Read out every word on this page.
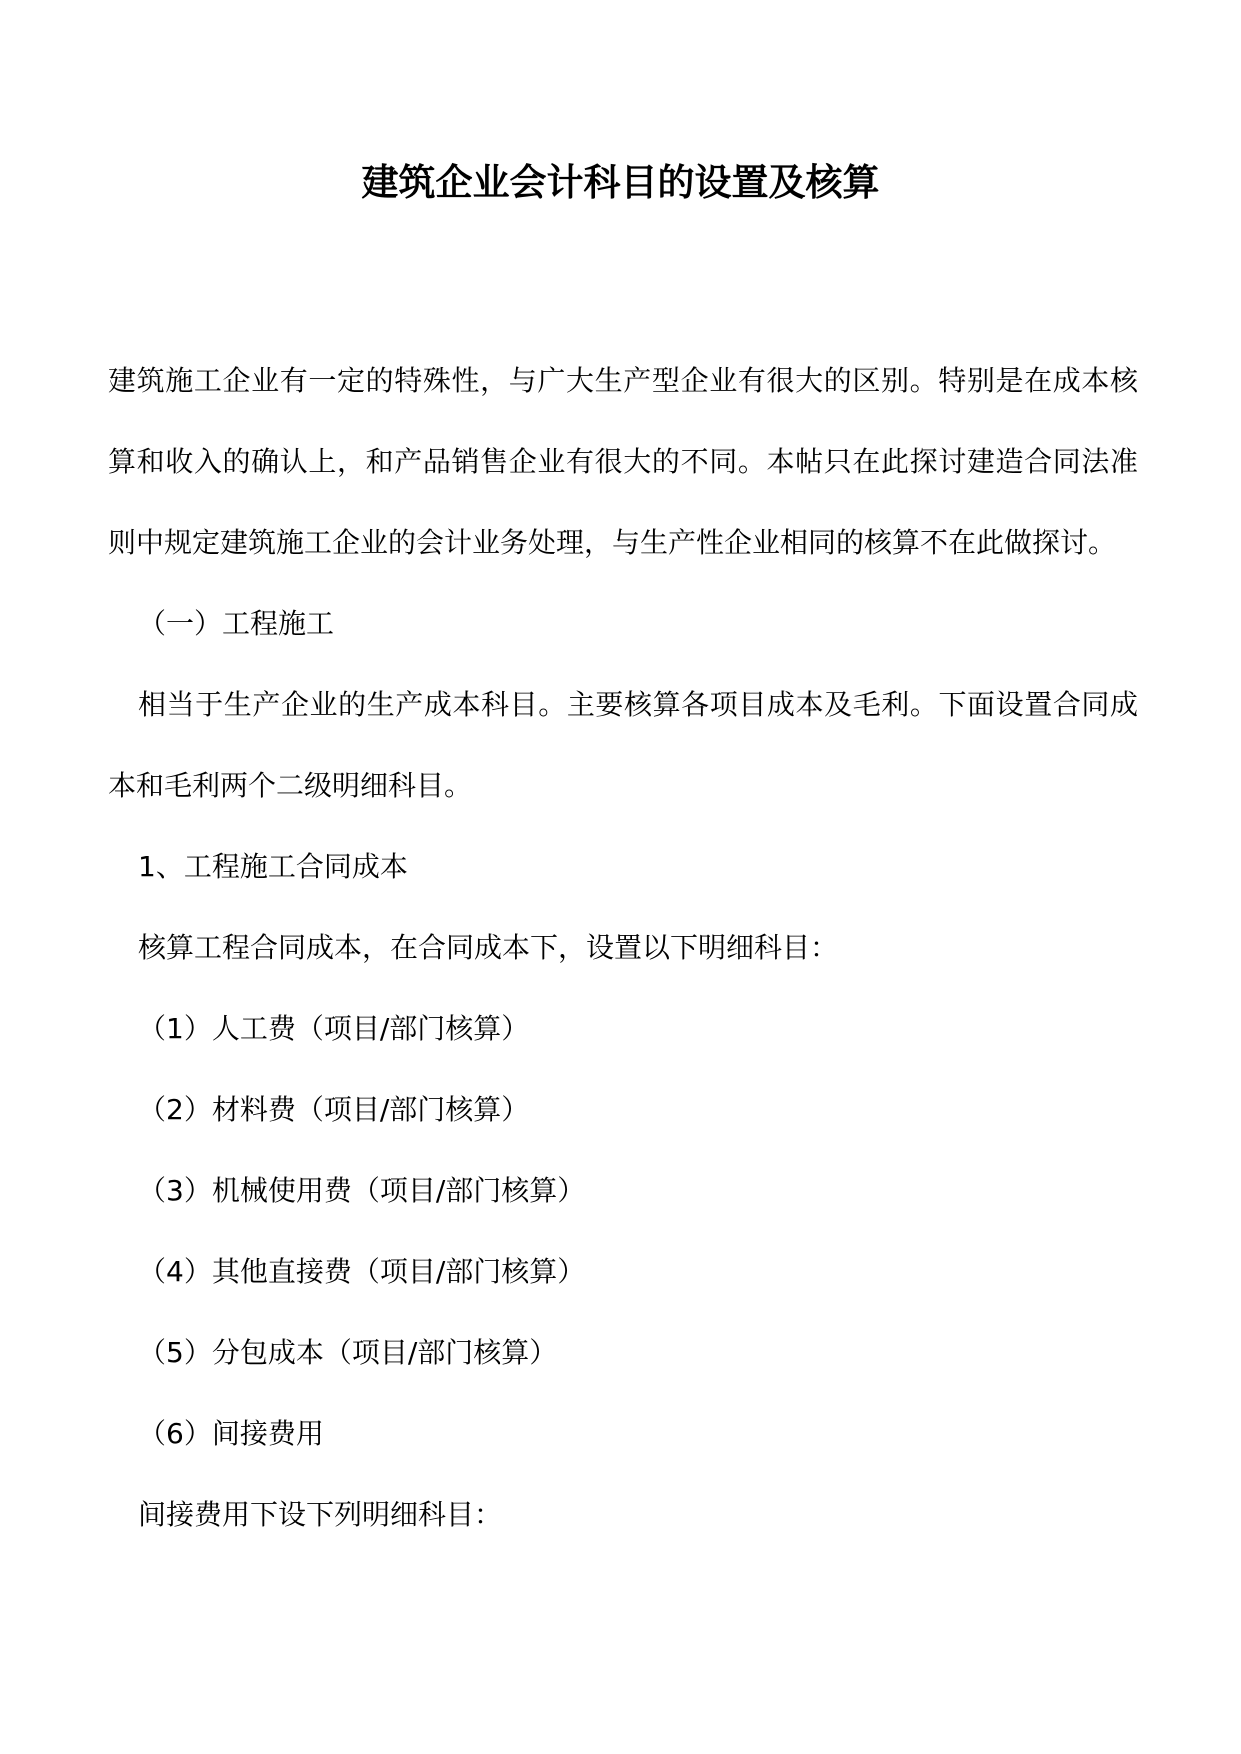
建筑企业会计科目的设置及核算

建筑施工企业有一定的特殊性，与广大生产型企业有很大的区别。特别是在成本核算和收入的确认上，和产品销售企业有很大的不同。本帖只在此探讨建造合同法准则中规定建筑施工企业的会计业务处理，与生产性企业相同的核算不在此做探讨。

（一）工程施工

相当于生产企业的生产成本科目。主要核算各项目成本及毛利。下面设置合同成本和毛利两个二级明细科目。

1、工程施工合同成本

核算工程合同成本，在合同成本下，设置以下明细科目：

（1）人工费（项目/部门核算）

（2）材料费（项目/部门核算）

（3）机械使用费（项目/部门核算）

（4）其他直接费（项目/部门核算）

（5）分包成本（项目/部门核算）

（6）间接费用

间接费用下设下列明细科目：
